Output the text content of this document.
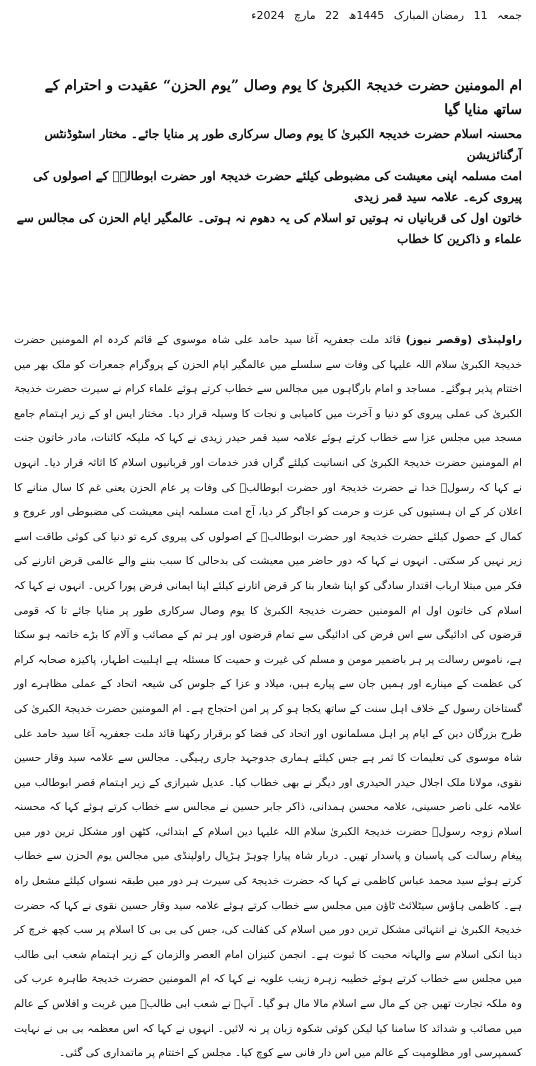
جمعہ 11 رمضان المبارک 1445ھ 22 مارچ 2024ء
ام المومنین حضرت خدیجۃ الکبریٰ کا یوم وصال ”یوم الحزن“ عقیدت و احترام کے ساتھ منایا گیا

محسنہ اسلام حضرت خدیجۃ الکبریٰ کا یوم وصال سرکاری طور پر منایا جائے۔ مختار اسٹوڈنٹس آرگنائزیشن

امت مسلمہ اپنی معیشت کی مضبوطی کیلئے حضرت خدیجۃ اور حضرت ابوطالبؑ کے اصولوں کی پیروی کرے۔ علامہ سید قمر زیدی

خاتون اول کی قربانیاں نہ ہوتیں تو اسلام کی یہ دھوم نہ ہوتی۔ عالمگیر ایام الحزن کی مجالس سے علماء و ذاکرین کا خطاب

راولپنڈی (وقصر نیوز) قائد ملت جعفریہ آغا سید حامد علی شاہ موسوی کے قائم کردہ ام المومنین حضرت خدیجۃ الکبریٰ سلام اللہ علیہا کی وفات سے سلسلے میں عالمگیر ایام الحزن کے پروگرام جمعرات کو ملک بھر میں اختتام پذیر ہوگئے۔ مساجد و امام بارگاہوں میں مجالس سے خطاب کرتے ہوئے علماء کرام نے سیرت حضرت خدیجۃ الکبریٰ کی عملی پیروی کو دنیا و آخرت میں کامیابی و نجات کا وسیلہ قرار دیا۔ مختار ایس او کے زیر اہتمام جامع مسجد میں مجلس عزا سے خطاب کرتے ہوئے علامہ سید قمر حیدر زیدی نے کہا کہ ملیکہ کائنات، مادر خاتون جنت ام المومنین حضرت خدیجۃ الکبریٰ کی انسانیت کیلئے گراں قدر خدمات اور قربانیوں اسلام کا اثاثہ قرار دیا۔ انہوں نے کہا کہ رسولؐ خدا نے حضرت خدیجۃ اور حضرت ابوطالبؑ کی وفات پر عام الحزن یعنی غم کا سال منانے کا اعلان کر کے ان ہستیوں کی عزت و حرمت کو اجاگر کر دیا، آج امت مسلمہ اپنی معیشت کی مضبوطی اور عروج و کمال کے حصول کیلئے حضرت خدیجۃ اور حضرت ابوطالبؑ کے اصولوں کی پیروی کرے تو دنیا کی کوئی طاقت اسے زیر نہیں کر سکتی۔ انہوں نے کہا کہ دور حاضر میں معیشت کی بدحالی کا سبب بننے والے عالمی قرض اتارنے کی فکر میں مبتلا ارباب اقتدار سادگی کو اپنا شعار بنا کر قرض اتارنے کیلئے اپنا ایمانی فرض پورا کریں۔ انہوں نے کہا کہ اسلام کی خاتون اول ام المومنین حضرت خدیجۃ الکبریٰ کا یوم وصال سرکاری طور پر منایا جائے تا کہ قومی قرضوں کی ادائیگی سے اس فرض کی ادائیگی سے تمام قرضوں اور ہر تم کے مصائب و آلام کا بڑے خاتمہ ہو سکتا ہے، ناموس رسالت پر ہر باضمیر مومن و مسلم کی غیرت و حمیت کا مسئلہ ہے اہلبیت اطہار، پاکیزہ صحابہ کرام کی عظمت کے مینارے اور ہمیں جان سے پیارے ہیں، میلاد و عزا کے جلوس کی شیعہ اتحاد کے عملی مظاہرے اور گستاخان رسول کے خلاف اہل سنت کے ساتھ یکجا ہو کر پر امن احتجاج ہے۔ ام المومنین حضرت خدیجۃ الکبریٰ کی طرح بزرگان دین کے ایام پر اہل مسلمانوں اور اتحاد کی فضا کو برقرار رکھنا قائد ملت جعفریہ آغا سید حامد علی شاہ موسوی کی تعلیمات کا ثمر ہے جس کیلئے ہماری جدوجہد جاری رہیگی۔ مجالس سے علامہ سید وقار حسین نقوی، مولانا ملک اجلال حیدر الحیدری اور دیگر نے بھی خطاب کیا۔ عدیل شیرازی کے زیر اہتمام قصر ابوطالب میں علامہ علی ناصر حسینی، علامہ محسن ہمدانی، ذاکر جابر حسین نے مجالس سے خطاب کرتے ہوئے کہا کہ محسنہ اسلام زوجہ رسولؐ حضرت خدیجۃ الکبریٰ سلام اللہ علیہا دین اسلام کے ابتدائی، کٹھن اور مشکل ترین دور میں پیغام رسالت کی پاسبان و پاسدار تھیں۔ دربار شاہ پیارا چوہڑ ہڑپال راولپنڈی میں مجالس یوم الحزن سے خطاب کرتے ہوئے سید محمد عباس کاظمی نے کہا کہ حضرت خدیجۃ کی سیرت ہر دور میں طبقہ نسواں کیلئے مشعل راہ ہے۔ کاظمی ہاؤس سیٹلائٹ ٹاؤن میں مجلس سے خطاب کرتے ہوئے علامہ سید وقار حسین نقوی نے کہا کہ حضرت خدیجۃ الکبریٰ نے انتہائی مشکل ترین دور میں اسلام کی کفالت کی، جس کی بی بی کا اسلام پر سب کچھ خرچ کر دینا انکی اسلام سے والہانہ محبت کا ثبوت ہے۔ انجمن کنیزان امام العصر والزمان کے زیر اہتمام شعب ابی طالب میں مجلس سے خطاب کرتے ہوئے خطیبہ زہرہ زینب علویہ نے کہا کہ ام المومنین حضرت خدیجۃ طاہرہ عرب کی وہ ملکہ تجارت تھیں جن کے مال سے اسلام مالا مال ہو گیا۔ آپؑ نے شعب ابی طالبؑ میں غربت و افلاس کے عالم میں مصائب و شدائد کا سامنا کیا لیکن کوئی شکوہ زبان پر نہ لائیں۔ انہوں نے کہا کہ اس معظمہ بی بی نے نہایت کسمپرسی اور مظلومیت کے عالم میں اس دار فانی سے کوچ کیا۔ مجلس کے اختتام پر ماتمداری کی گئی۔
